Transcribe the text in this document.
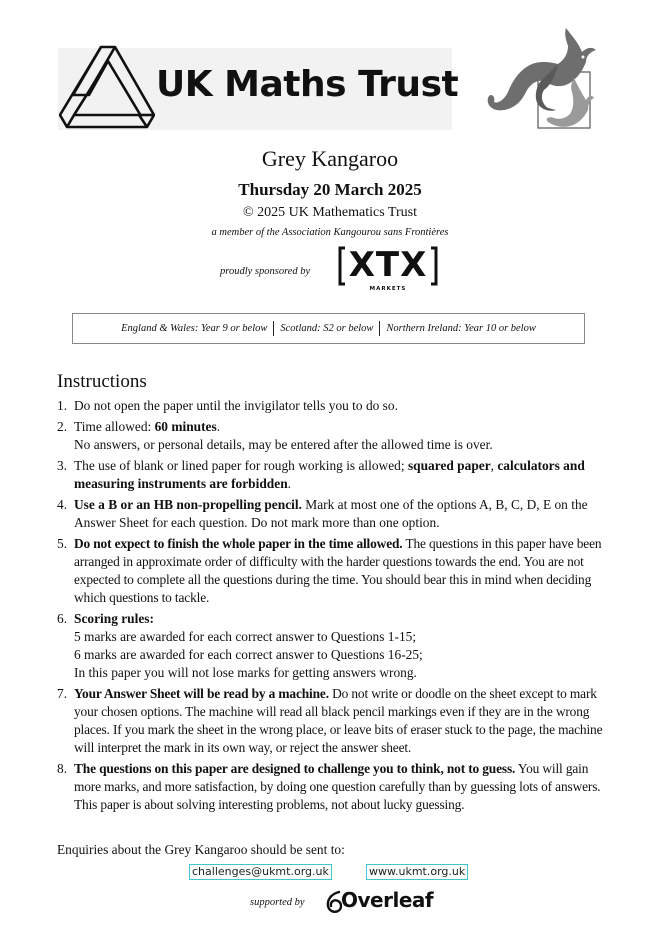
UK Maths Trust
Grey Kangaroo
Thursday 20 March 2025
© 2025 UK Mathematics Trust
a member of the Association Kangourou sans Frontières
proudly sponsored by	XTX
MARKETS
England & Wales: Year 9 or below Scotland: S2 or below Northern Ireland: Year 10 or below
Instructions
1. Do not open the paper until the invigilator tells you to do so.

2. Time allowed: 60 minutes.

No answers, or personal details, may be entered after the allowed time is over.

3. The use of blank or lined paper for rough working is allowed; squared paper, calculators and measuring instruments are forbidden.

4. Use a B or an HB non-propelling pencil. Mark at most one of the options A, B, C, D, E on the Answer Sheet for each question. Do not mark more than one option.

5. Do not expect to finish the whole paper in the time allowed. The questions in this paper have been arranged in approximate order of difficulty with the harder questions towards the end. You are not expected to complete all the questions during the time. You should bear this in mind when deciding which questions to tackle.

6. Scoring rules:

5 marks are awarded for each correct answer to Questions 1-15;

6 marks are awarded for each correct answer to Questions 16-25;

In this paper you will not lose marks for getting answers wrong.

7. Your Answer Sheet will be read by a machine. Do not write or doodle on the sheet except to mark your chosen options. The machine will read all black pencil markings even if they are in the wrong places. If you mark the sheet in the wrong place, or leave bits of eraser stuck to the page, the machine will interpret the mark in its own way, or reject the answer sheet.

8. The questions on this paper are designed to challenge you to think, not to guess. You will gain more marks, and more satisfaction, by doing one question carefully than by guessing lots of answers. This paper is about solving interesting problems, not about lucky guessing.

Enquiries about the Grey Kangaroo should be sent to:
challenges@ukmt.org.uk	www.ukmt.org.uk
supported by Overleaf
